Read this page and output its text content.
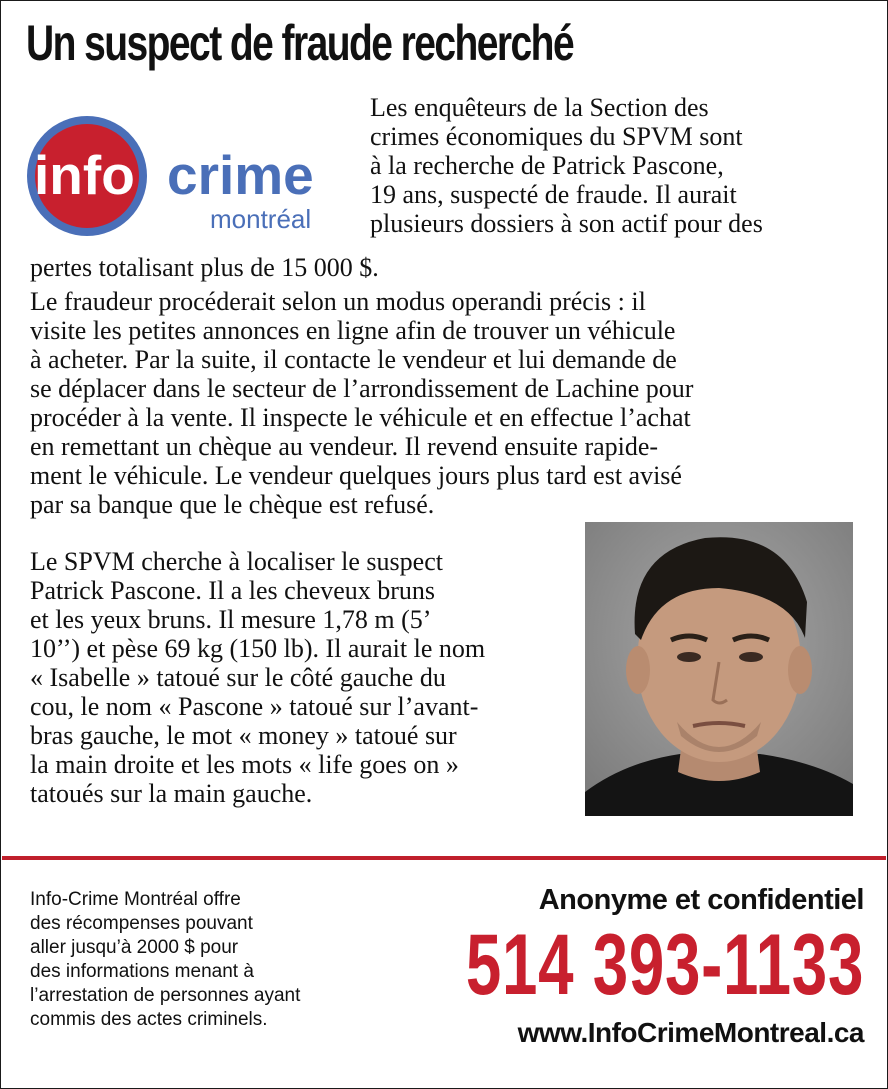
Un suspect de fraude recherché
info crime
montréal
Les enquêteurs de la Section des
crimes économiques du SPVM sont
à la recherche de Patrick Pascone,
19 ans, suspecté de fraude. Il aurait
plusieurs dossiers à son actif pour des
pertes totalisant plus de 15 000 $.
Le fraudeur procéderait selon un modus operandi précis : il
visite les petites annonces en ligne afin de trouver un véhicule
à acheter. Par la suite, il contacte le vendeur et lui demande de
se déplacer dans le secteur de l’arrondissement de Lachine pour
procéder à la vente. Il inspecte le véhicule et en effectue l’achat
en remettant un chèque au vendeur. Il revend ensuite rapide-
ment le véhicule. Le vendeur quelques jours plus tard est avisé
par sa banque que le chèque est refusé.
Le SPVM cherche à localiser le suspect
Patrick Pascone. Il a les cheveux bruns
et les yeux bruns. Il mesure 1,78 m (5’
10’’) et pèse 69 kg (150 lb). Il aurait le nom
« Isabelle » tatoué sur le côté gauche du
cou, le nom « Pascone » tatoué sur l’avant-
bras gauche, le mot « money » tatoué sur
la main droite et les mots « life goes on »
tatoués sur la main gauche.
Info-Crime Montréal offre
des récompenses pouvant
aller jusqu’à 2000 $ pour
des informations menant à
l’arrestation de personnes ayant
commis des actes criminels.
Anonyme et confidentiel
514 393-1133
www.InfoCrimeMontreal.ca
